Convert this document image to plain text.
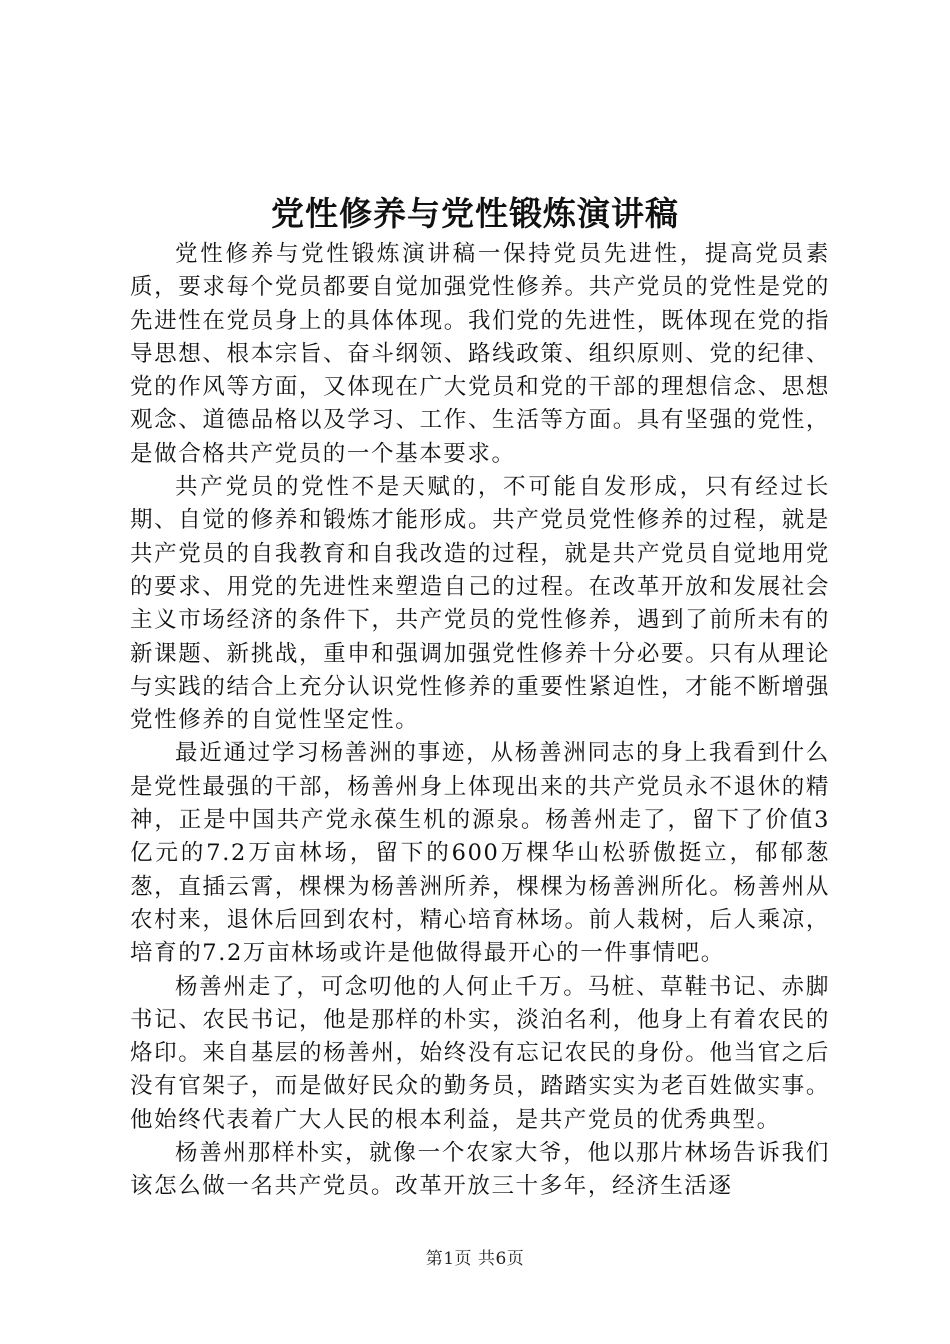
党性修养与党性锻炼演讲稿

党性修养与党性锻炼演讲稿一保持党员先进性，提高党员素质，要求每个党员都要自觉加强党性修养。共产党员的党性是党的先进性在党员身上的具体体现。我们党的先进性，既体现在党的指导思想、根本宗旨、奋斗纲领、路线政策、组织原则、党的纪律、党的作风等方面，又体现在广大党员和党的干部的理想信念、思想观念、道德品格以及学习、工作、生活等方面。具有坚强的党性，是做合格共产党员的一个基本要求。

共产党员的党性不是天赋的，不可能自发形成，只有经过长期、自觉的修养和锻炼才能形成。共产党员党性修养的过程，就是共产党员的自我教育和自我改造的过程，就是共产党员自觉地用党的要求、用党的先进性来塑造自己的过程。在改革开放和发展社会主义市场经济的条件下，共产党员的党性修养，遇到了前所未有的新课题、新挑战，重申和强调加强党性修养十分必要。只有从理论与实践的结合上充分认识党性修养的重要性紧迫性，才能不断增强党性修养的自觉性坚定性。

最近通过学习杨善洲的事迹，从杨善洲同志的身上我看到什么是党性最强的干部，杨善州身上体现出来的共产党员永不退休的精神，正是中国共产党永葆生机的源泉。杨善州走了，留下了价值3亿元的7.2万亩林场，留下的600万棵华山松骄傲挺立，郁郁葱葱，直插云霄，棵棵为杨善洲所养，棵棵为杨善洲所化。杨善州从农村来，退休后回到农村，精心培育林场。前人栽树，后人乘凉，培育的7.2万亩林场或许是他做得最开心的一件事情吧。

杨善州走了，可念叨他的人何止千万。马桩、草鞋书记、赤脚书记、农民书记，他是那样的朴实，淡泊名利，他身上有着农民的烙印。来自基层的杨善州，始终没有忘记农民的身份。他当官之后没有官架子，而是做好民众的勤务员，踏踏实实为老百姓做实事。他始终代表着广大人民的根本利益，是共产党员的优秀典型。

杨善州那样朴实，就像一个农家大爷，他以那片林场告诉我们该怎么做一名共产党员。改革开放三十多年，经济生活逐

第1页 共6页
